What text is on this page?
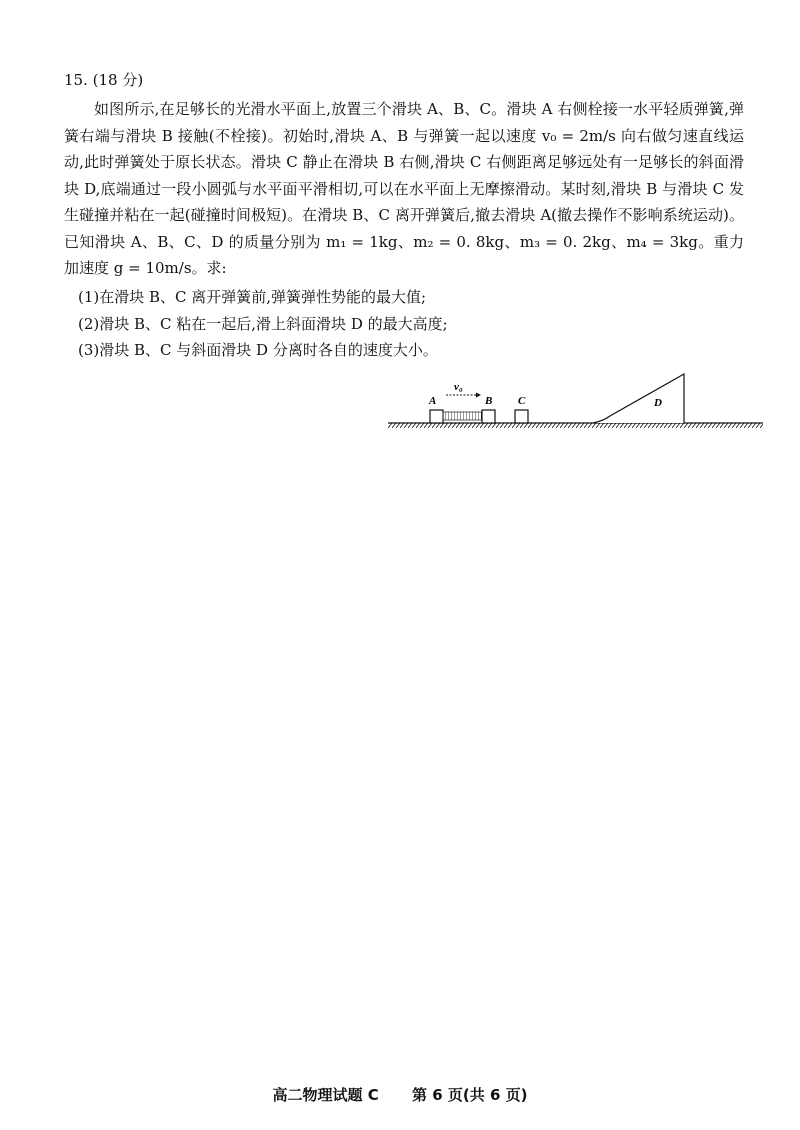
15. (18 分)
如图所示,在足够长的光滑水平面上,放置三个滑块 A、B、C。滑块 A 右侧栓接一水平轻质弹簧,弹簧右端与滑块 B 接触(不栓接)。初始时,滑块 A、B 与弹簧一起以速度 v₀ = 2m/s 向右做匀速直线运动,此时弹簧处于原长状态。滑块 C 静止在滑块 B 右侧,滑块 C 右侧距离足够远处有一足够长的斜面滑块 D,底端通过一段小圆弧与水平面平滑相切,可以在水平面上无摩擦滑动。某时刻,滑块 B 与滑块 C 发生碰撞并粘在一起(碰撞时间极短)。在滑块 B、C 离开弹簧后,撤去滑块 A(撤去操作不影响系统运动)。已知滑块 A、B、C、D 的质量分别为 m₁ = 1kg、m₂ = 0. 8kg、m₃ = 0. 2kg、m₄ = 3kg。重力加速度 g = 10m/s。求:
(1)在滑块 B、C 离开弹簧前,弹簧弹性势能的最大值;
(2)滑块 B、C 粘在一起后,滑上斜面滑块 D 的最大高度;
(3)滑块 B、C 与斜面滑块 D 分离时各自的速度大小。
A	B
v₀
C	D
高二物理试题 C 第 6 页(共 6 页)
